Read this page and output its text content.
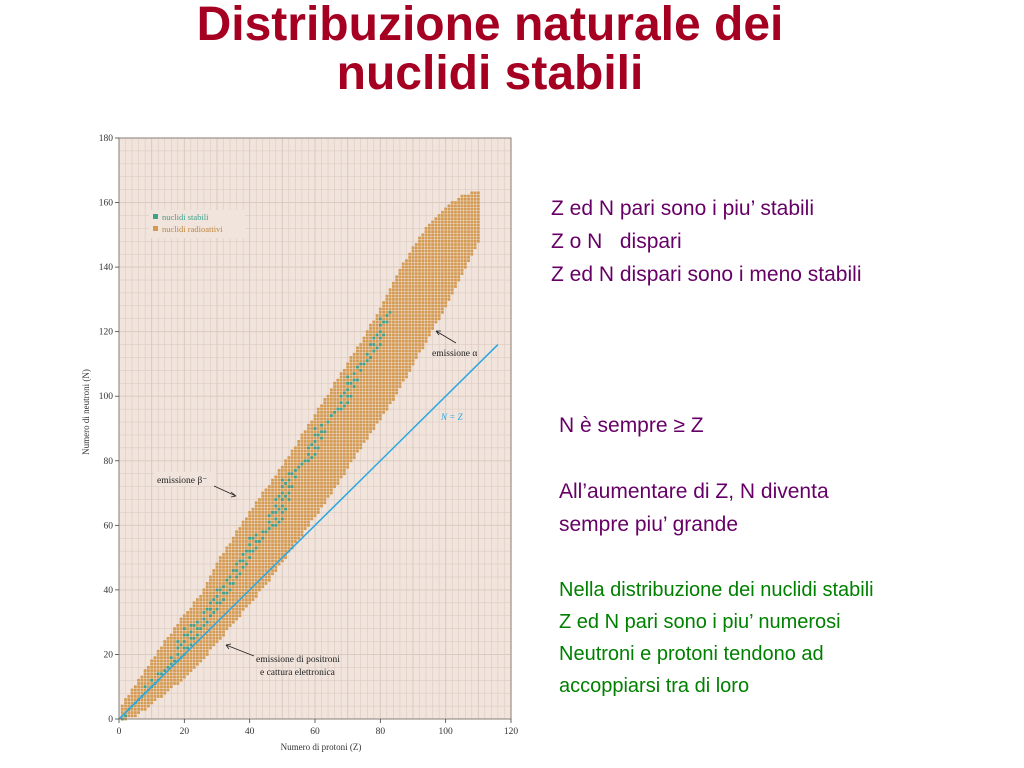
Distribuzione naturale dei
nuclidi stabili
N = Z
0	20	40	60	80	100	120
0
20
40
60
80
100
120
140
160
180
Numero di protoni (Z)
Numero di neutroni (N)
nuclidi stabili
nuclidi radioattivi
emissione α
emissione β⁻
emissione di positroni
e cattura elettronica
Z ed N pari sono i piu’ stabili
Z o N   dispari
Z ed N dispari sono i meno stabili
N è sempre ≥ Z
All’aumentare di Z, N diventa
sempre piu’ grande
Nella distribuzione dei nuclidi stabili
Z ed N pari sono i piu’ numerosi
Neutroni e protoni tendono ad
accoppiarsi tra di loro
